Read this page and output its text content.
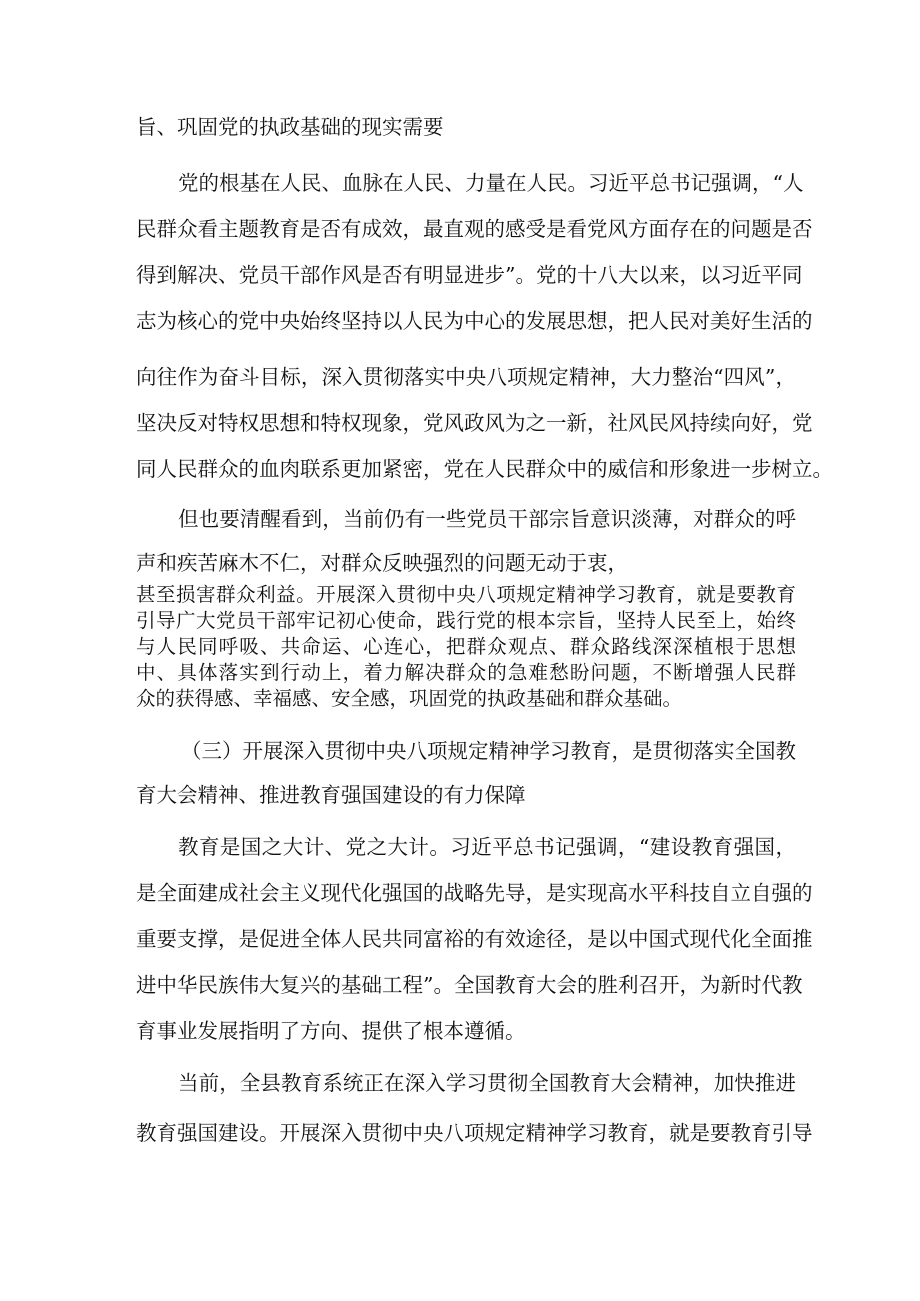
旨、巩固党的执政基础的现实需要

党的根基在人民、血脉在人民、力量在人民。习近平总书记强调，“人

民群众看主题教育是否有成效，最直观的感受是看党风方面存在的问题是否

得到解决、党员干部作风是否有明显进步”。党的十八大以来，以习近平同

志为核心的党中央始终坚持以人民为中心的发展思想，把人民对美好生活的

向往作为奋斗目标，深入贯彻落实中央八项规定精神，大力整治“四风”，

坚决反对特权思想和特权现象，党风政风为之一新，社风民风持续向好，党

同人民群众的血肉联系更加紧密，党在人民群众中的威信和形象进一步树立。

但也要清醒看到，当前仍有一些党员干部宗旨意识淡薄，对群众的呼

声和疾苦麻木不仁，对群众反映强烈的问题无动于衷，

甚至损害群众利益。开展深入贯彻中央八项规定精神学习教育，就是要教育

引导广大党员干部牢记初心使命，践行党的根本宗旨，坚持人民至上，始终

与人民同呼吸、共命运、心连心，把群众观点、群众路线深深植根于思想

中、具体落实到行动上，着力解决群众的急难愁盼问题，不断增强人民群

众的获得感、幸福感、安全感，巩固党的执政基础和群众基础。

（三）开展深入贯彻中央八项规定精神学习教育，是贯彻落实全国教

育大会精神、推进教育强国建设的有力保障

教育是国之大计、党之大计。习近平总书记强调，“建设教育强国，

是全面建成社会主义现代化强国的战略先导，是实现高水平科技自立自强的

重要支撑，是促进全体人民共同富裕的有效途径，是以中国式现代化全面推

进中华民族伟大复兴的基础工程”。全国教育大会的胜利召开，为新时代教

育事业发展指明了方向、提供了根本遵循。

当前，全县教育系统正在深入学习贯彻全国教育大会精神，加快推进

教育强国建设。开展深入贯彻中央八项规定精神学习教育，就是要教育引导
